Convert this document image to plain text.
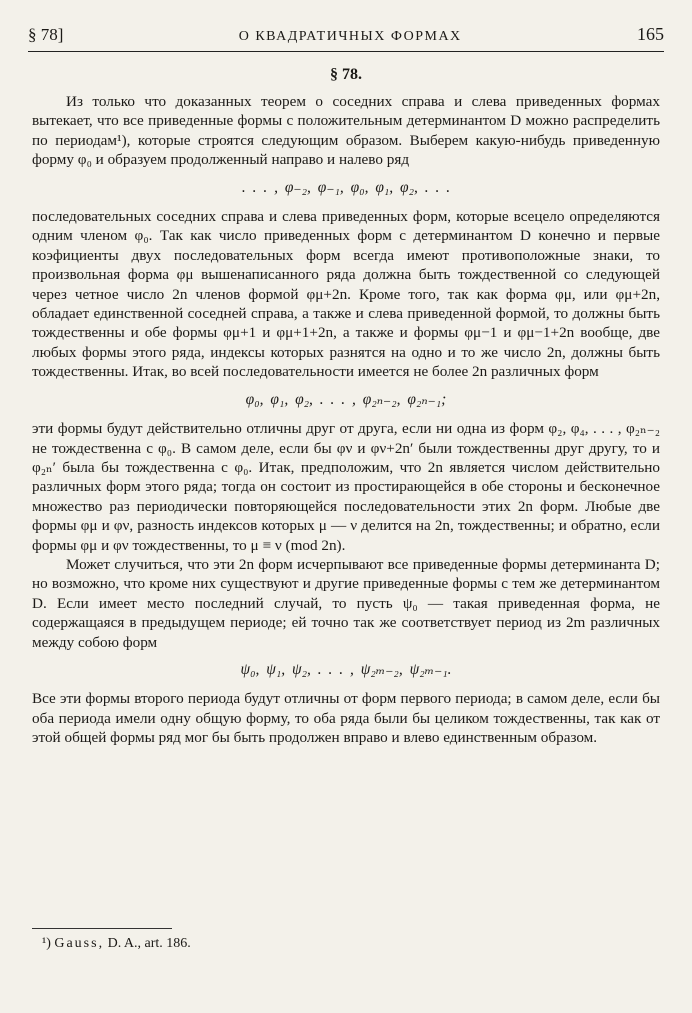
§ 78]	О КВАДРАТИЧНЫХ ФОРМАХ	165
§ 78.

Из только что доказанных теорем о соседних справа и слева приведенных формах вытекает, что все приведенные формы с положительным детерминантом D можно распределить по периодам¹), которые строятся следующим образом. Выберем какую-нибудь приведенную форму φ₀ и образуем продолженный направо и налево ряд

. . . , φ₋₂, φ₋₁, φ₀, φ₁, φ₂, . . .

последовательных соседних справа и слева приведенных форм, которые всецело определяются одним членом φ₀. Так как число приведенных форм с детерминантом D конечно и первые коэфициенты двух последовательных форм всегда имеют противоположные знаки, то произвольная форма φμ вышенаписанного ряда должна быть тождественной со следующей через четное число 2n членов формой φμ+2n. Кроме того, так как форма φμ, или φμ+2n, обладает единственной соседней справа, а также и слева приведенной формой, то должны быть тождественны и обе формы φμ+1 и φμ+1+2n, а также и формы φμ−1 и φμ−1+2n вообще, две любых формы этого ряда, индексы которых разнятся на одно и то же число 2n, должны быть тождественны. Итак, во всей последовательности имеется не более 2n различных форм

φ₀, φ₁, φ₂, . . . , φ₂ₙ₋₂, φ₂ₙ₋₁;

эти формы будут действительно отличны друг от друга, если ни одна из форм φ₂, φ₄, . . . , φ₂ₙ₋₂ не тождественна с φ₀. В самом деле, если бы φν и φν+2n′ были тождественны друг другу, то и φ₂ₙ′ была бы тождественна с φ₀. Итак, предположим, что 2n является числом действительно различных форм этого ряда; тогда он состоит из простирающейся в обе стороны и бесконечное множество раз периодически повторяющейся последовательности этих 2n форм. Любые две формы φμ и φν, разность индексов которых μ — ν делится на 2n, тождественны; и обратно, если формы φμ и φν тождественны, то μ ≡ ν (mod 2n).

Может случиться, что эти 2n форм исчерпывают все приведенные формы детерминанта D; но возможно, что кроме них существуют и другие приведенные формы с тем же детерминантом D. Если имеет место последний случай, то пусть ψ₀ — такая приведенная форма, не содержащаяся в предыдущем периоде; ей точно так же соответствует период из 2m различных между собою форм

ψ₀, ψ₁, ψ₂, . . . , ψ₂ₘ₋₂, ψ₂ₘ₋₁.

Все эти формы второго периода будут отличны от форм первого периода; в самом деле, если бы оба периода имели одну общую форму, то оба ряда были бы целиком тождественны, так как от этой общей формы ряд мог бы быть продолжен вправо и влево единственным образом.

¹) Gauss, D. A., art. 186.
